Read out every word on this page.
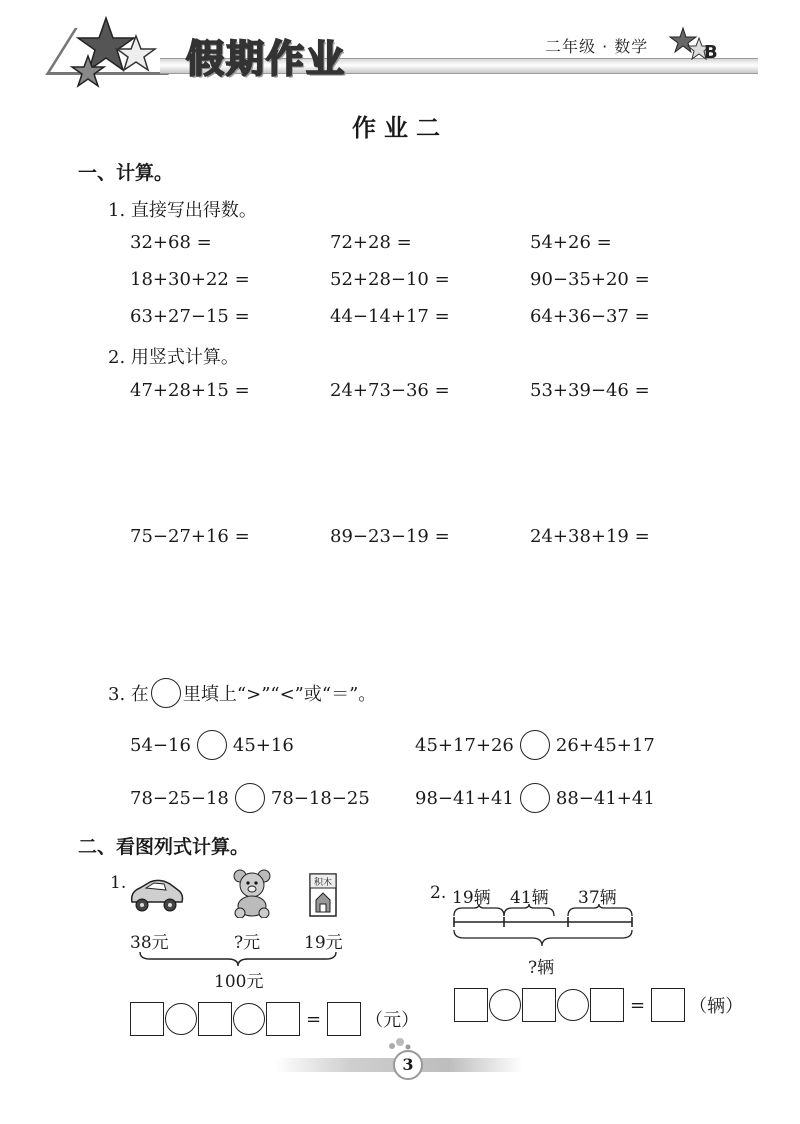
假期作业	二年级 · 数学	B
作业二
一、计算。
1. 直接写出得数。
32+68 =	72+28 =	54+26 =
18+30+22 =	52+28−10 =	90−35+20 =
63+27−15 =	44−14+17 =	64+36−37 =
2. 用竖式计算。
47+28+15 =	24+73−36 =	53+39−46 =
75−27+16 =	89−23−19 =	24+38+19 =
3. 在 里填上“>”“<”或“＝”。
54−16 45+16	45+17+26 26+45+17
78−25−18 78−18−25	98−41+41 88−41+41
二、看图列式计算。
1.	积木
38元	?元	19元
100元
= （元）
2. 19辆 41辆 37辆
?辆
= （辆）
3
